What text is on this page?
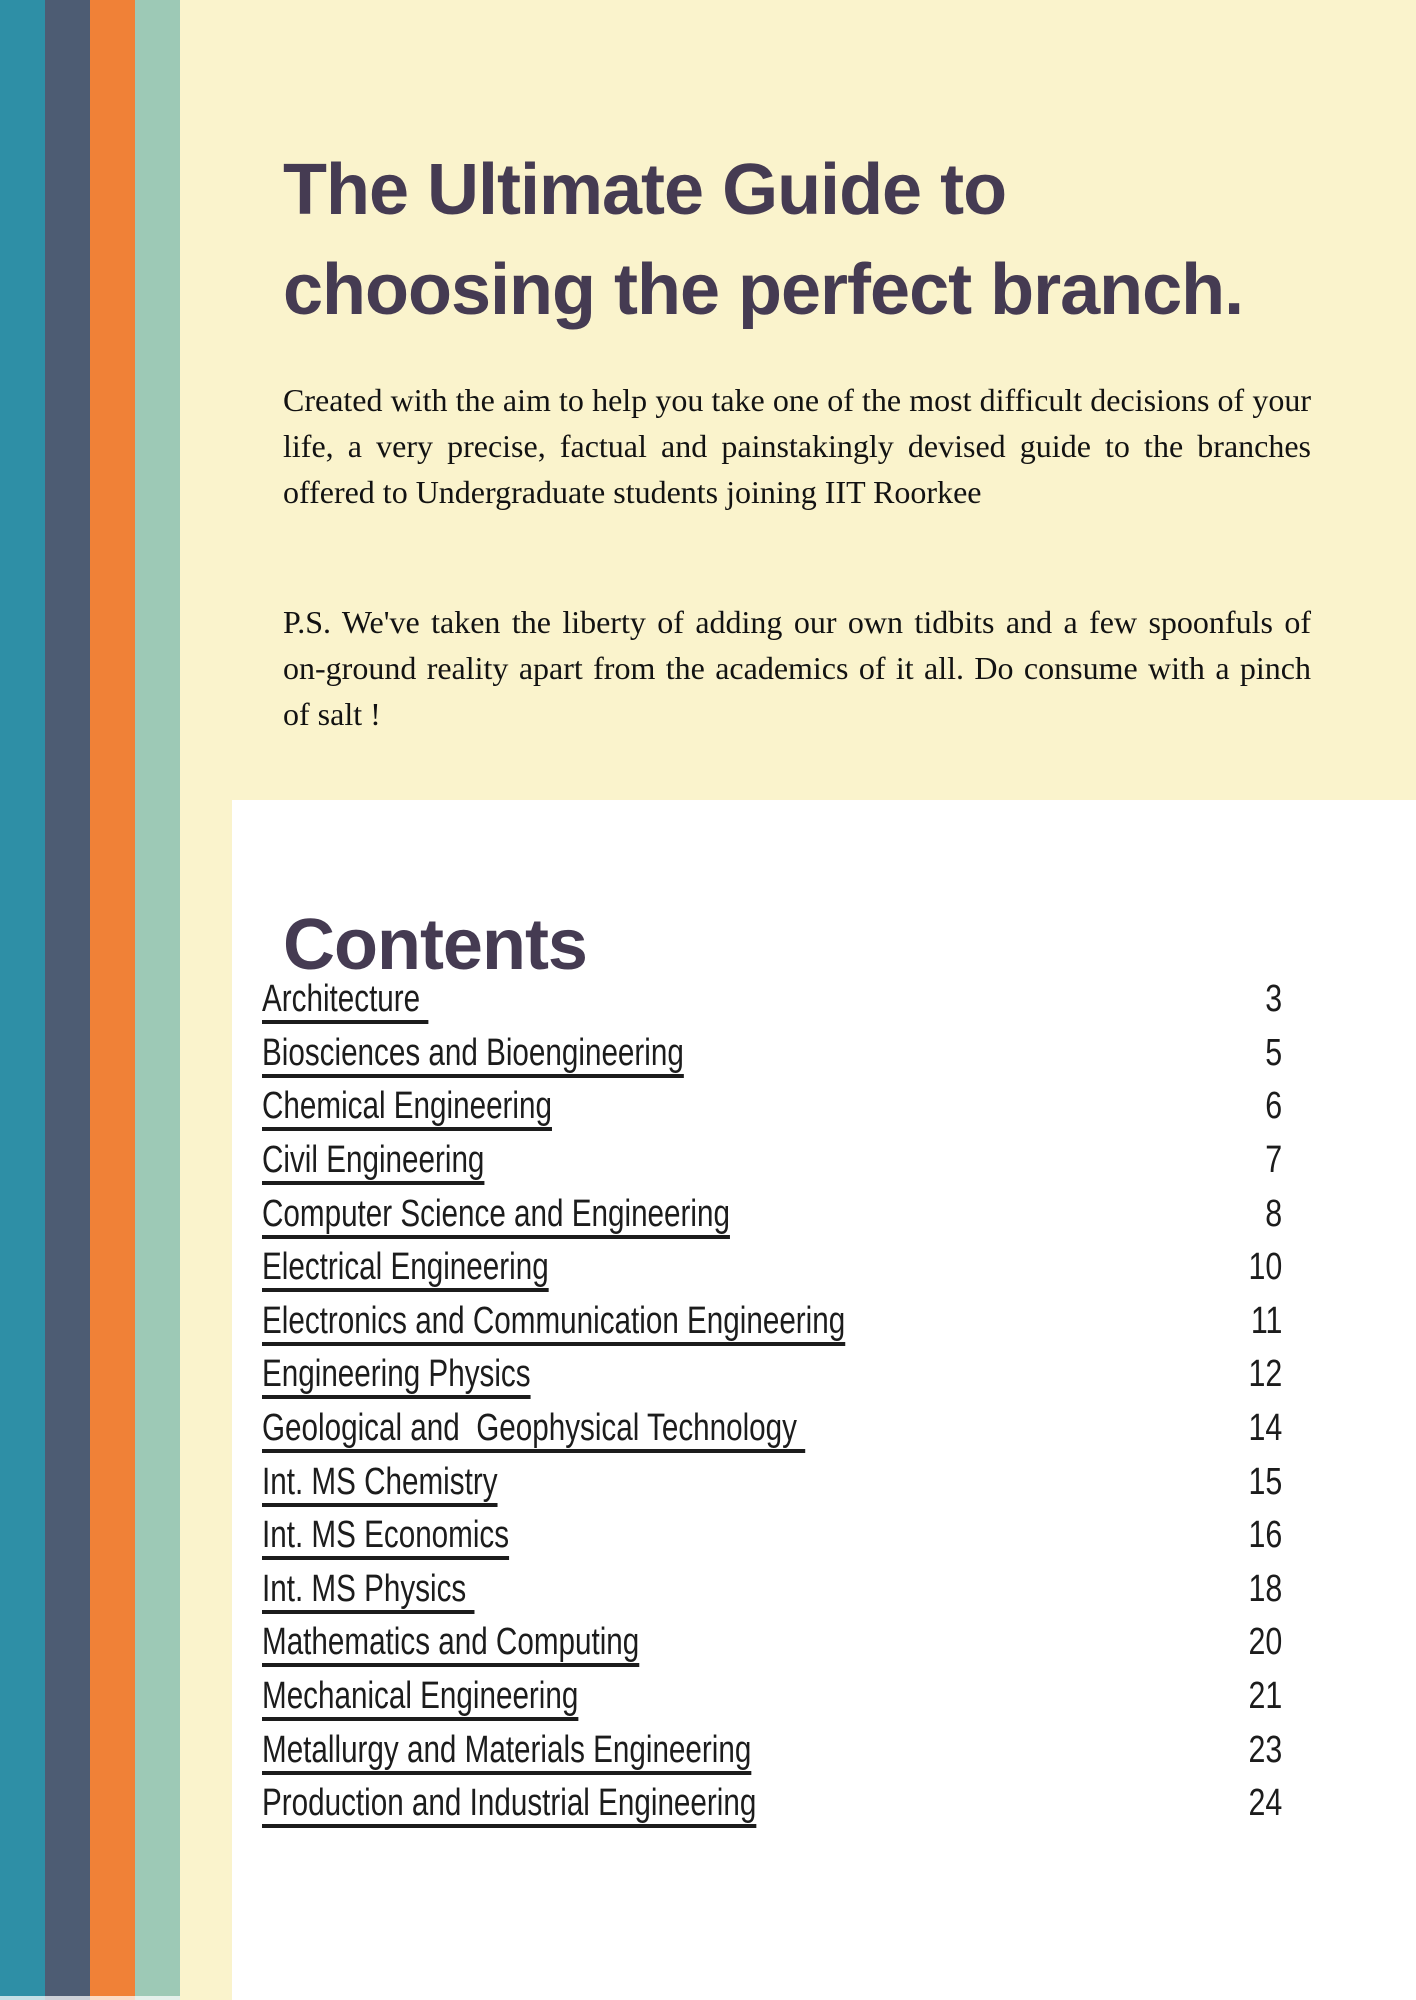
The Ultimate Guide to
choosing the perfect branch.

Created with the aim to help you take one of the most difficult decisions of your life, a very precise, factual and painstakingly devised guide to the branches offered to Undergraduate students joining IIT Roorkee

P.S. We've taken the liberty of adding our own tidbits and a few spoonfuls of on-ground reality apart from the academics of it all. Do consume with a pinch of salt !

Contents
Architecture	3
Biosciences and Bioengineering	5
Chemical Engineering	6
Civil Engineering	7
Computer Science and Engineering	8
Electrical Engineering	10
Electronics and Communication Engineering	11
Engineering Physics	12
Geological and  Geophysical Technology	14
Int. MS Chemistry	15
Int. MS Economics	16
Int. MS Physics	18
Mathematics and Computing	20
Mechanical Engineering	21
Metallurgy and Materials Engineering	23
Production and Industrial Engineering	24
